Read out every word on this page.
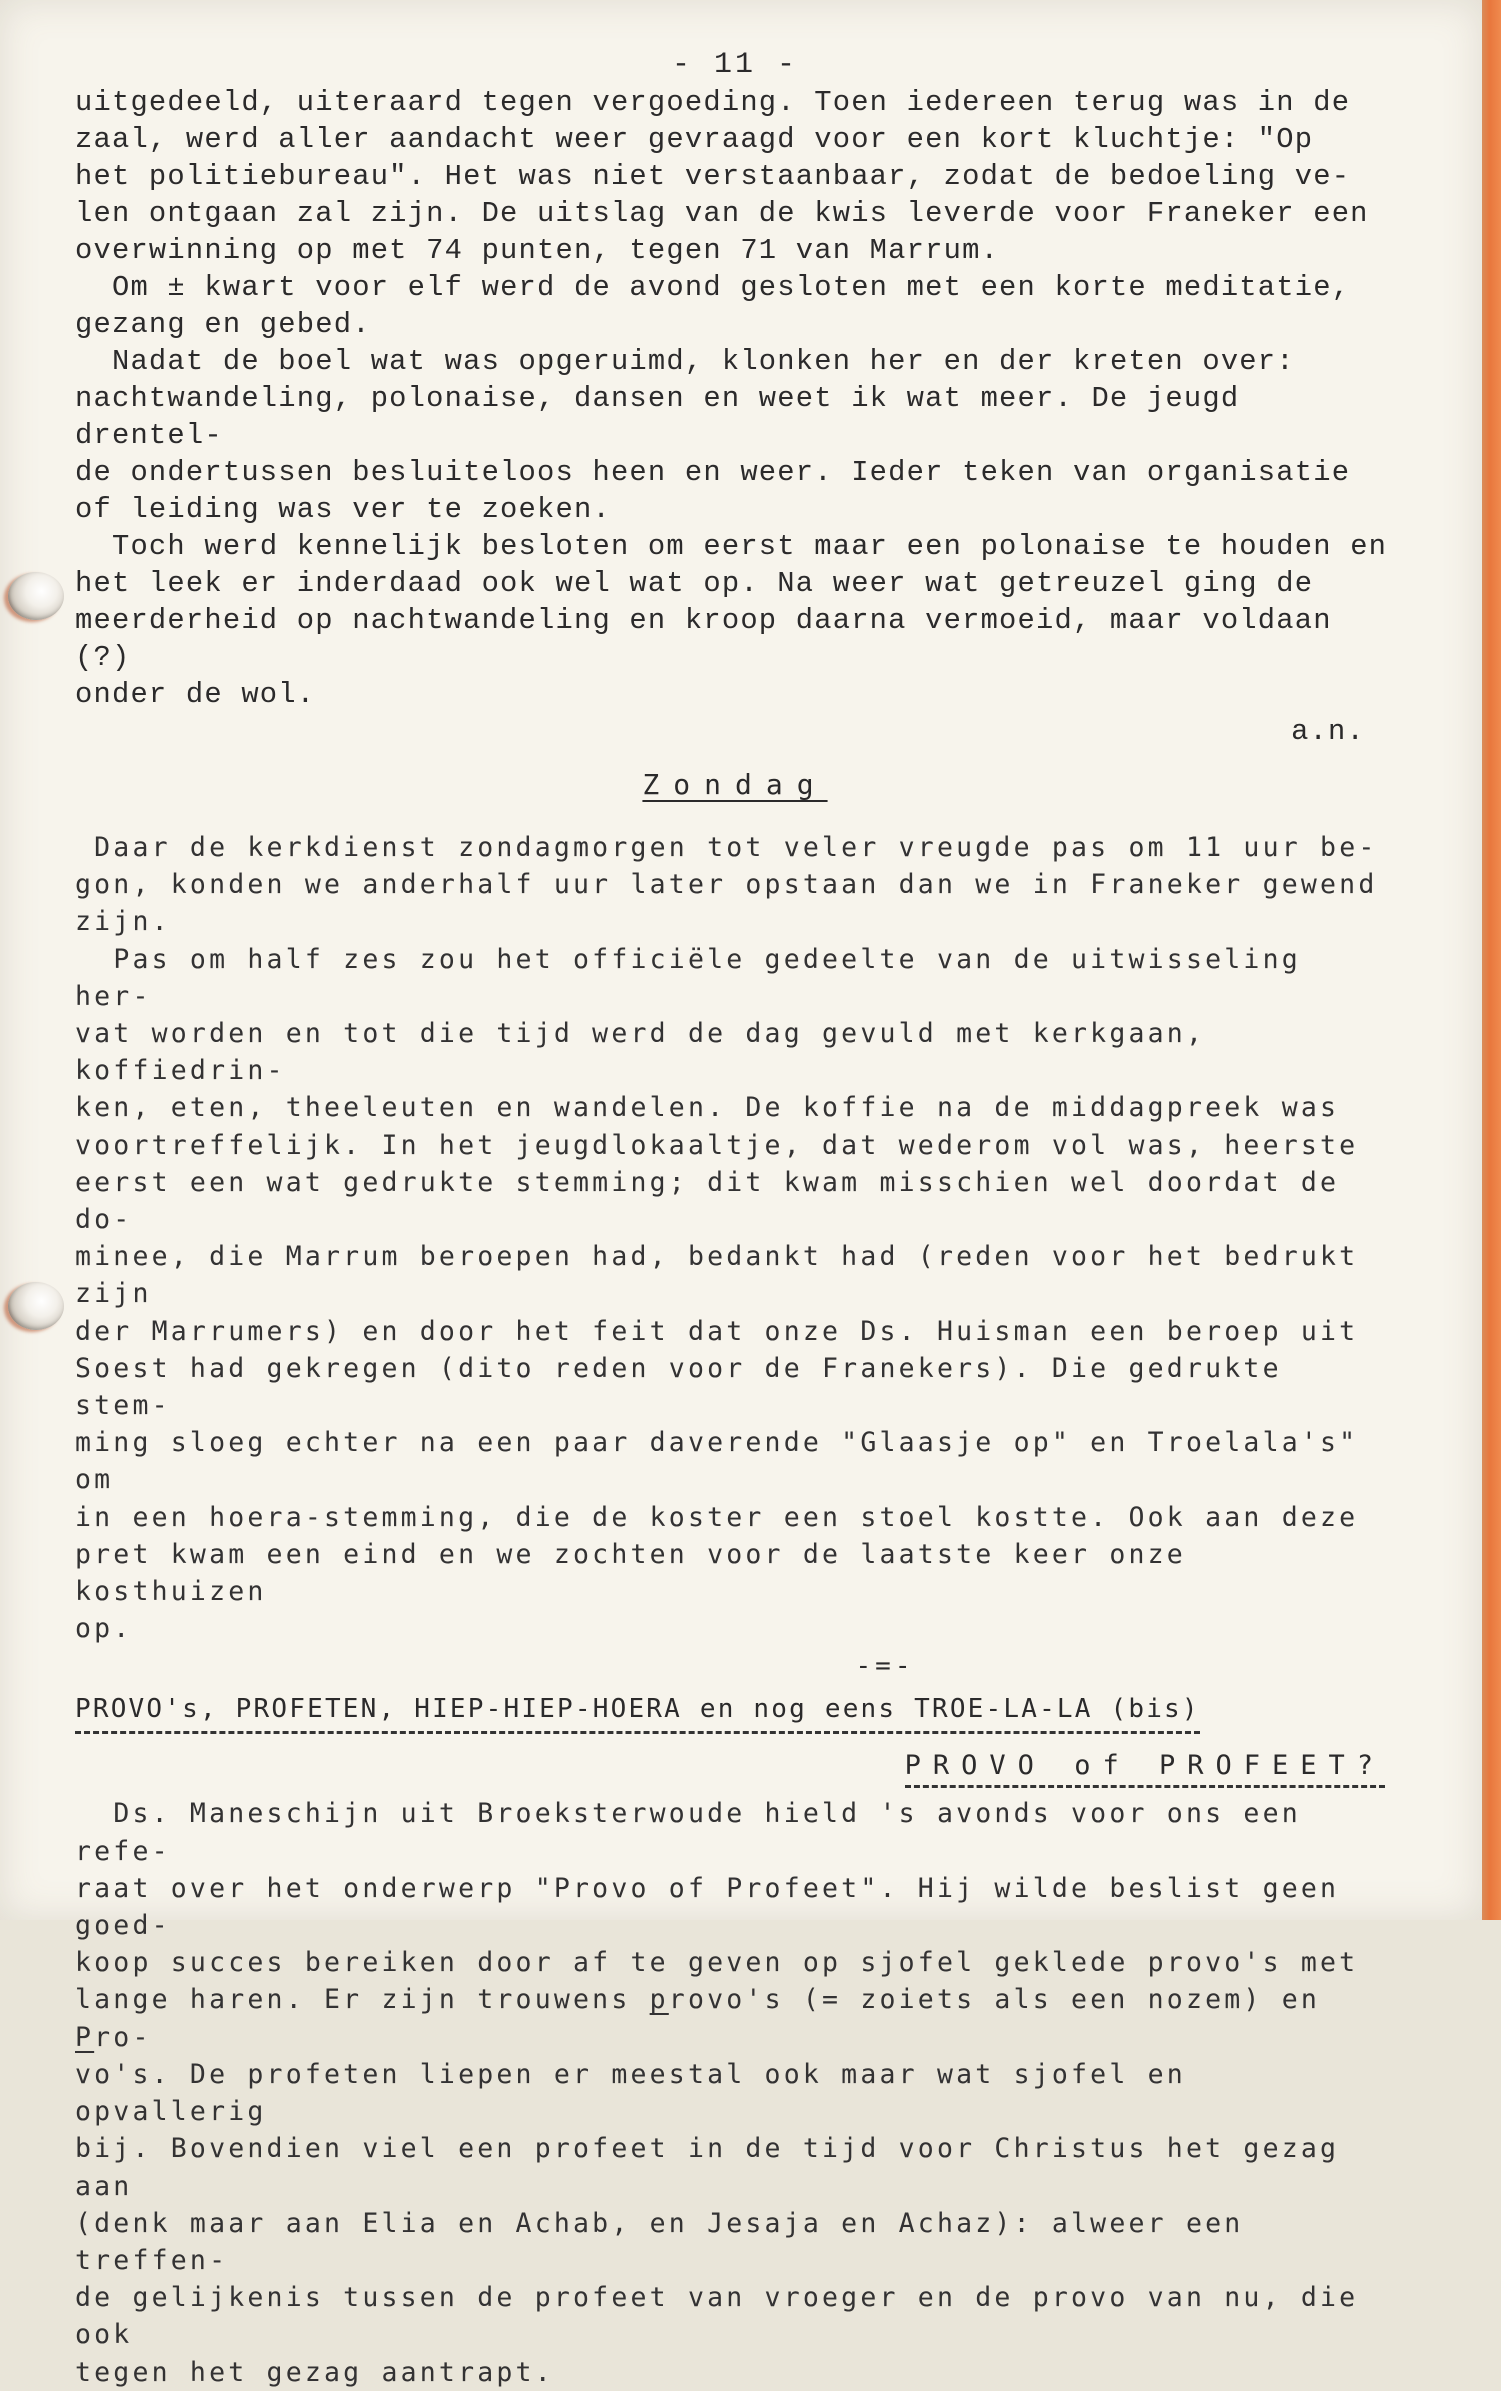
- 11 -

uitgedeeld, uiteraard tegen vergoeding. Toen iedereen terug was in de
zaal, werd aller aandacht weer gevraagd voor een kort kluchtje: "Op
het politiebureau". Het was niet verstaanbaar, zodat de bedoeling ve-
len ontgaan zal zijn. De uitslag van de kwis leverde voor Franeker een
overwinning op met 74 punten, tegen 71 van Marrum.

Om ± kwart voor elf werd de avond gesloten met een korte meditatie,
gezang en gebed.

Nadat de boel wat was opgeruimd, klonken her en der kreten over:
nachtwandeling, polonaise, dansen en weet ik wat meer. De jeugd drentel-
de ondertussen besluiteloos heen en weer. Ieder teken van organisatie
of leiding was ver te zoeken.

Toch werd kennelijk besloten om eerst maar een polonaise te houden en
het leek er inderdaad ook wel wat op. Na weer wat getreuzel ging de
meerderheid op nachtwandeling en kroop daarna vermoeid, maar voldaan (?)
onder de wol.

a.n.

Zondag

Daar de kerkdienst zondagmorgen tot veler vreugde pas om 11 uur be-
gon, konden we anderhalf uur later opstaan dan we in Franeker gewend
zijn.

Pas om half zes zou het officiële gedeelte van de uitwisseling her-
vat worden en tot die tijd werd de dag gevuld met kerkgaan, koffiedrin-
ken, eten, theeleuten en wandelen. De koffie na de middagpreek was
voortreffelijk. In het jeugdlokaaltje, dat wederom vol was, heerste
eerst een wat gedrukte stemming; dit kwam misschien wel doordat de do-
minee, die Marrum beroepen had, bedankt had (reden voor het bedrukt zijn
der Marrumers) en door het feit dat onze Ds. Huisman een beroep uit
Soest had gekregen (dito reden voor de Franekers). Die gedrukte stem-
ming sloeg echter na een paar daverende "Glaasje op" en Troelala's" om
in een hoera-stemming, die de koster een stoel kostte. Ook aan deze
pret kwam een eind en we zochten voor de laatste keer onze kosthuizen
op.

-=-
PROVO's, PROFETEN, HIEP-HIEP-HOERA en nog eens TROE-LA-LA (bis)
PROVO of PROFEET?

Ds. Maneschijn uit Broeksterwoude hield 's avonds voor ons een refe-
raat over het onderwerp "Provo of Profeet". Hij wilde beslist geen goed-
koop succes bereiken door af te geven op sjofel geklede provo's met
lange haren. Er zijn trouwens provo's (= zoiets als een nozem) en Pro-
vo's. De profeten liepen er meestal ook maar wat sjofel en opvallerig
bij. Bovendien viel een profeet in de tijd voor Christus het gezag aan
(denk maar aan Elia en Achab, en Jesaja en Achaz): alweer een treffen-
de gelijkenis tussen de profeet van vroeger en de provo van nu, die ook
tegen het gezag aantrapt.
